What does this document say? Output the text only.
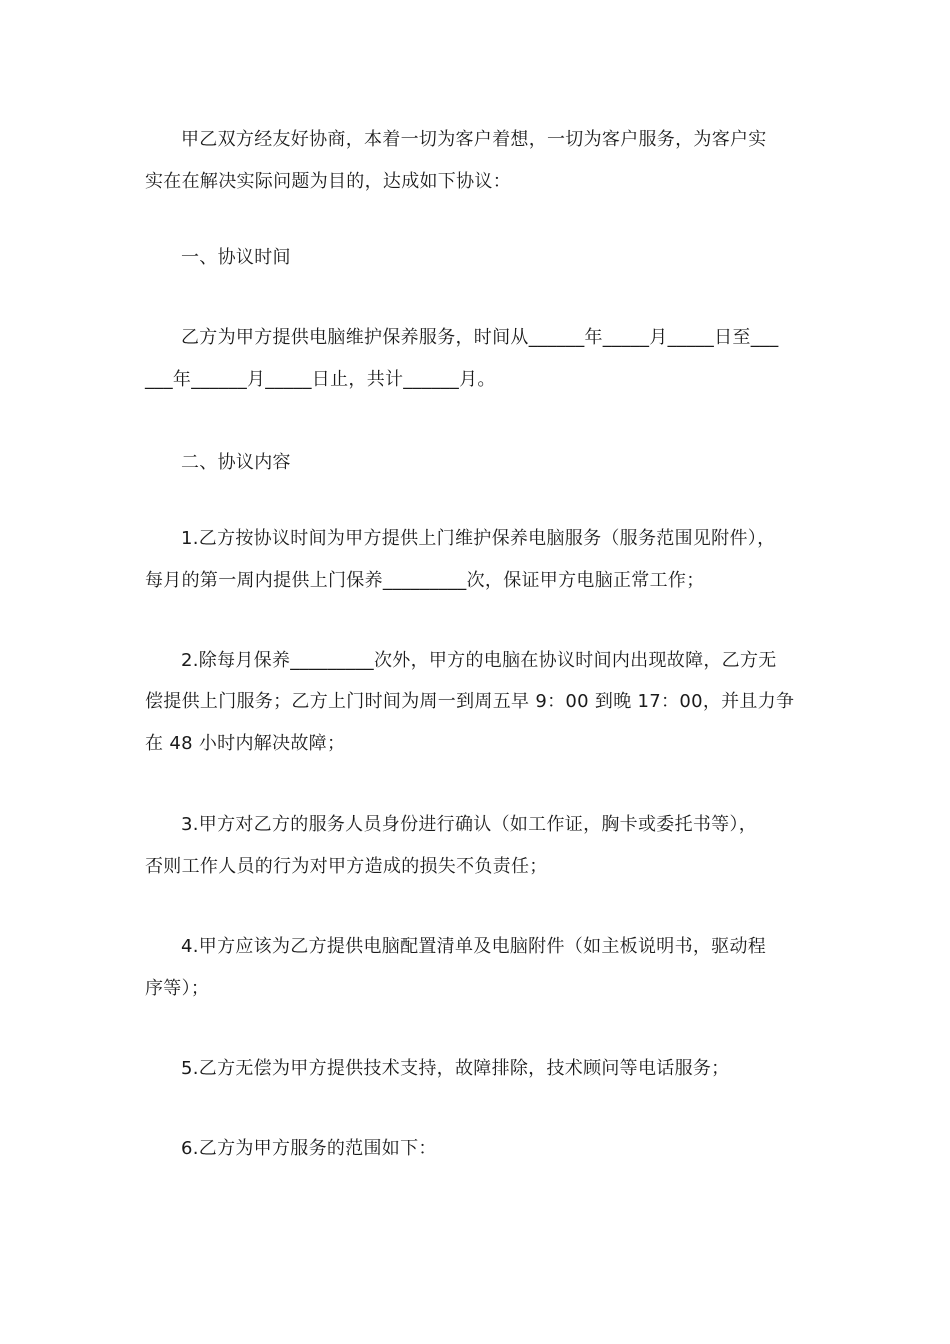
甲乙双方经友好协商，本着一切为客户着想，一切为客户服务，为客户实
实在在解决实际问题为目的，达成如下协议：
一、协议时间
乙方为甲方提供电脑维护保养服务，时间从______年_____月_____日至___
___年______月_____日止，共计______月。
二、协议内容
1.乙方按协议时间为甲方提供上门维护保养电脑服务（服务范围见附件），
每月的第一周内提供上门保养_________次，保证甲方电脑正常工作；
2.除每月保养_________次外，甲方的电脑在协议时间内出现故障，乙方无
偿提供上门服务；乙方上门时间为周一到周五早 9：00 到晚 17：00，并且力争
在 48 小时内解决故障；
3.甲方对乙方的服务人员身份进行确认（如工作证，胸卡或委托书等），
否则工作人员的行为对甲方造成的损失不负责任；
4.甲方应该为乙方提供电脑配置清单及电脑附件（如主板说明书，驱动程
序等）；
5.乙方无偿为甲方提供技术支持，故障排除，技术顾问等电话服务；
6.乙方为甲方服务的范围如下：
